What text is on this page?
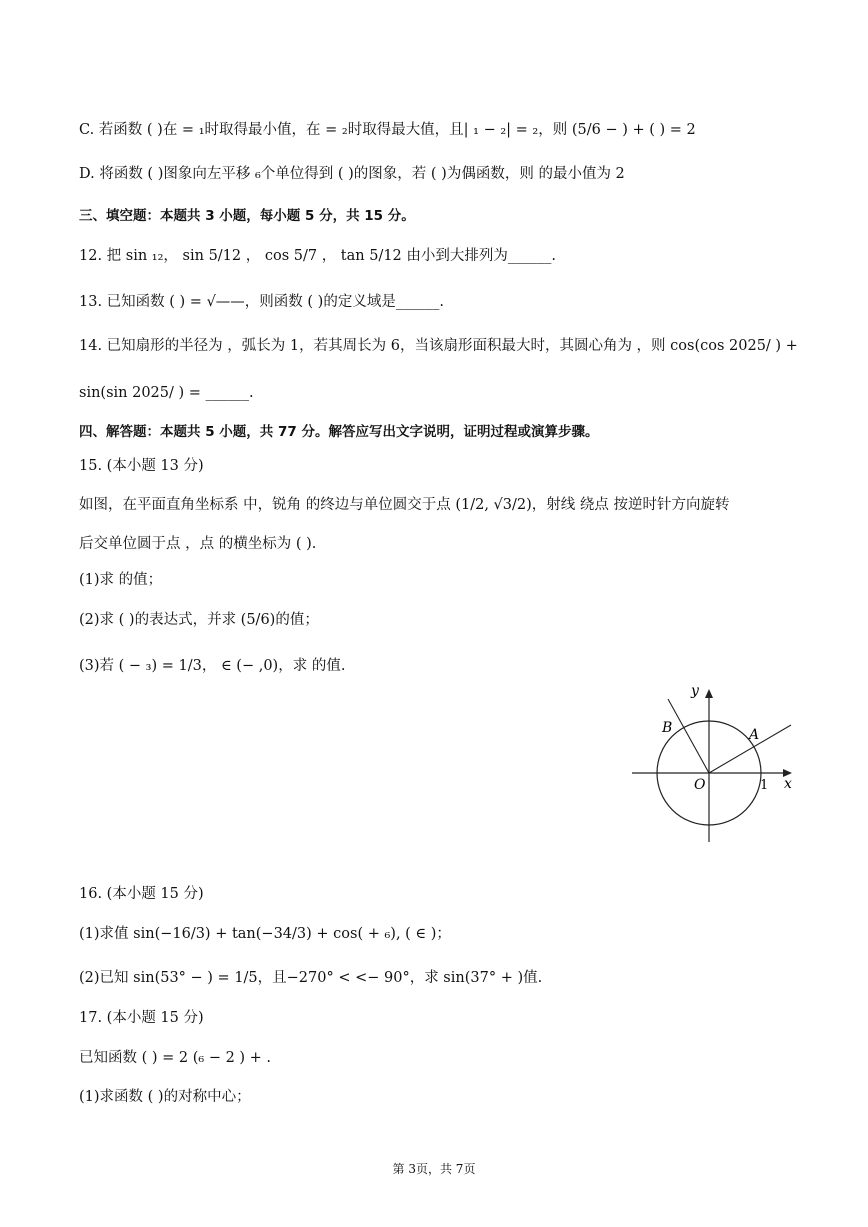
C. 若函数 ( )在 = ₁时取得最小值，在 = ₂时取得最大值，且| ₁ − ₂| = ₂，则 (5/6 − ) + ( ) = 2
D. 将函数 ( )图象向左平移 ₆个单位得到 ( )的图象，若 ( )为偶函数，则 的最小值为 2
三、填空题：本题共 3 小题，每小题 5 分，共 15 分。
12. 把 sin ₁₂， sin 5/12 ， cos 5/7 ， tan 5/12 由小到大排列为______.
13. 已知函数 ( ) = √——，则函数 ( )的定义域是______.
14. 已知扇形的半径为 ，弧长为 1，若其周长为 6，当该扇形面积最大时，其圆心角为 ，则 cos(cos 2025/ ) +
sin(sin 2025/ ) = ______.
四、解答题：本题共 5 小题，共 77 分。解答应写出文字说明，证明过程或演算步骤。
15. (本小题 13 分)
如图，在平面直角坐标系 中，锐角 的终边与单位圆交于点 (1/2, √3/2)，射线 绕点 按逆时针方向旋转
后交单位圆于点 ，点 的横坐标为 ( ).
(1)求 的值；
(2)求 ( )的表达式，并求 (5/6)的值；
(3)若 ( − ₃) = 1/3， ∈ (− ,0)，求 的值.
y
x
O
A
B
1
16. (本小题 15 分)
(1)求值 sin(−16/3) + tan(−34/3) + cos( + ₆), ( ∈ )；
(2)已知 sin(53° − ) = 1/5，且−270° < <− 90°，求 sin(37° + )值.
17. (本小题 15 分)
已知函数 ( ) = 2 (₆ − 2 ) + .
(1)求函数 ( )的对称中心；
第 3页，共 7页
